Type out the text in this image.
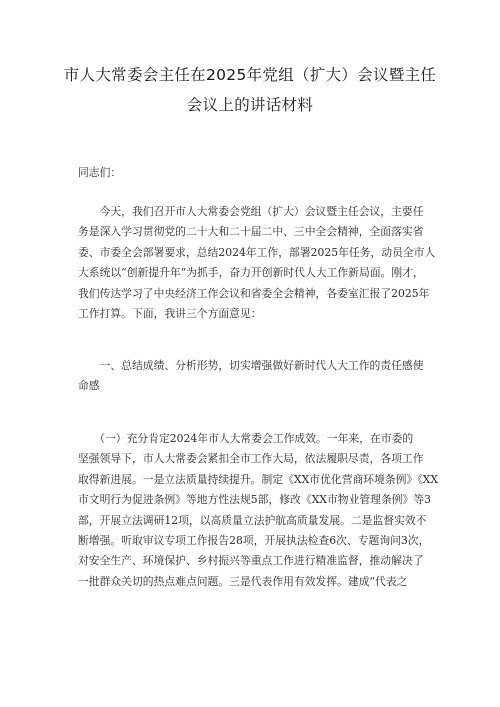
市人大常委会主任在2025年党组（扩大）会议暨主任
会议上的讲话材料
同志们：
　　今天，我们召开市人大常委会党组（扩大）会议暨主任会议，主要任
务是深入学习贯彻党的二十大和二十届二中、三中全会精神，全面落实省
委、市委全会部署要求，总结2024年工作，部署2025年任务，动员全市人
大系统以“创新提升年”为抓手，奋力开创新时代人大工作新局面。刚才，
我们传达学习了中央经济工作会议和省委全会精神，各委室汇报了2025年
工作打算。下面，我讲三个方面意见：
　　一、总结成绩、分析形势，切实增强做好新时代人大工作的责任感使
命感
　　（一）充分肯定2024年市人大常委会工作成效。一年来，在市委的
坚强领导下，市人大常委会紧扣全市工作大局，依法履职尽责，各项工作
取得新进展。一是立法质量持续提升。制定《XX市优化营商环境条例》《XX
市文明行为促进条例》等地方性法规5部，修改《XX市物业管理条例》等3
部，开展立法调研12项，以高质量立法护航高质量发展。二是监督实效不
断增强。听取审议专项工作报告28项，开展执法检查6次、专题询问3次，
对安全生产、环境保护、乡村振兴等重点工作进行精准监督，推动解决了
一批群众关切的热点难点问题。三是代表作用有效发挥。建成“代表之
